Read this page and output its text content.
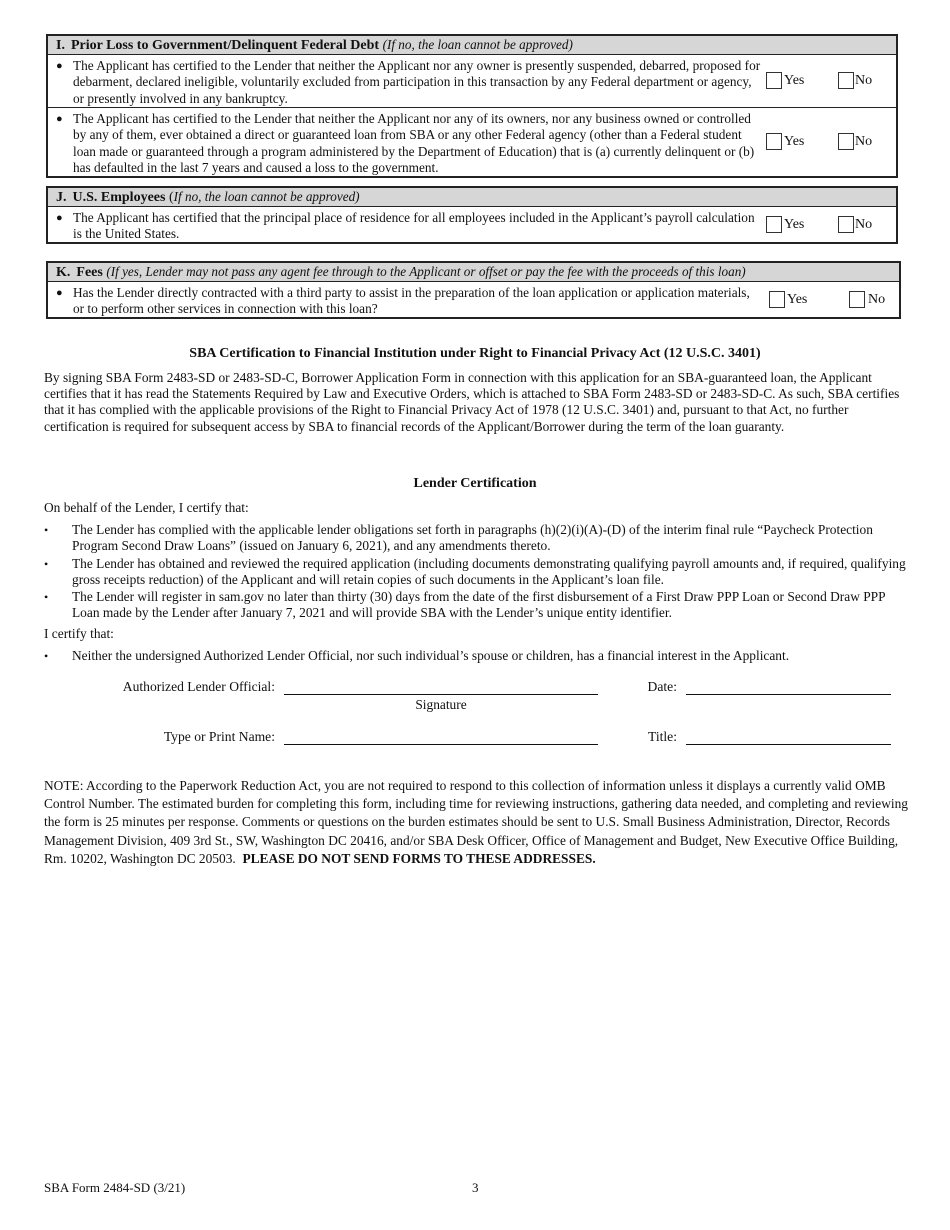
I. Prior Loss to Government/Delinquent Federal Debt (If no, the loan cannot be approved)
● The Applicant has certified to the Lender that neither the Applicant nor any owner is presently suspended, debarred, proposed for debarment, declared ineligible, voluntarily excluded from participation in this transaction by any Federal department or agency, or presently involved in any bankruptcy.
Yes	No
● The Applicant has certified to the Lender that neither the Applicant nor any of its owners, nor any business owned or controlled by any of them, ever obtained a direct or guaranteed loan from SBA or any other Federal agency (other than a Federal student loan made or guaranteed through a program administered by the Department of Education) that is (a) currently delinquent or (b) has defaulted in the last 7 years and caused a loss to the government.
Yes	No
J. U.S. Employees (If no, the loan cannot be approved)
● The Applicant has certified that the principal place of residence for all employees included in the Applicant’s payroll calculation is the United States.
Yes	No
K. Fees (If yes, Lender may not pass any agent fee through to the Applicant or offset or pay the fee with the proceeds of this loan)
● Has the Lender directly contracted with a third party to assist in the preparation of the loan application or application materials, or to perform other services in connection with this loan?
Yes	No
SBA Certification to Financial Institution under Right to Financial Privacy Act (12 U.S.C. 3401)
By signing SBA Form 2483-SD or 2483-SD-C, Borrower Application Form in connection with this application for an SBA-guaranteed loan, the Applicant certifies that it has read the Statements Required by Law and Executive Orders, which is attached to SBA Form 2483-SD or 2483-SD-C. As such, SBA certifies that it has complied with the applicable provisions of the Right to Financial Privacy Act of 1978 (12 U.S.C. 3401) and, pursuant to that Act, no further certification is required for subsequent access by SBA to financial records of the Applicant/Borrower during the term of the loan guaranty.
Lender Certification
On behalf of the Lender, I certify that:
• The Lender has complied with the applicable lender obligations set forth in paragraphs (h)(2)(i)(A)-(D) of the interim final rule “Paycheck Protection Program Second Draw Loans” (issued on January 6, 2021), and any amendments thereto.
• The Lender has obtained and reviewed the required application (including documents demonstrating qualifying payroll amounts and, if required, qualifying gross receipts reduction) of the Applicant and will retain copies of such documents in the Applicant’s loan file.
• The Lender will register in sam.gov no later than thirty (30) days from the date of the first disbursement of a First Draw PPP Loan or Second Draw PPP Loan made by the Lender after January 7, 2021 and will provide SBA with the Lender’s unique entity identifier.
I certify that:
• Neither the undersigned Authorized Lender Official, nor such individual’s spouse or children, has a financial interest in the Applicant.
Authorized Lender Official:
Signature
Date:
Type or Print Name:	Title:
NOTE: According to the Paperwork Reduction Act, you are not required to respond to this collection of information unless it displays a currently valid OMB Control Number. The estimated burden for completing this form, including time for reviewing instructions, gathering data needed, and completing and reviewing the form is 25 minutes per response. Comments or questions on the burden estimates should be sent to U.S. Small Business Administration, Director, Records Management Division, 409 3rd St., SW, Washington DC 20416, and/or SBA Desk Officer, Office of Management and Budget, New Executive Office Building, Rm. 10202, Washington DC 20503. PLEASE DO NOT SEND FORMS TO THESE ADDRESSES.
SBA Form 2484-SD (3/21)	3
